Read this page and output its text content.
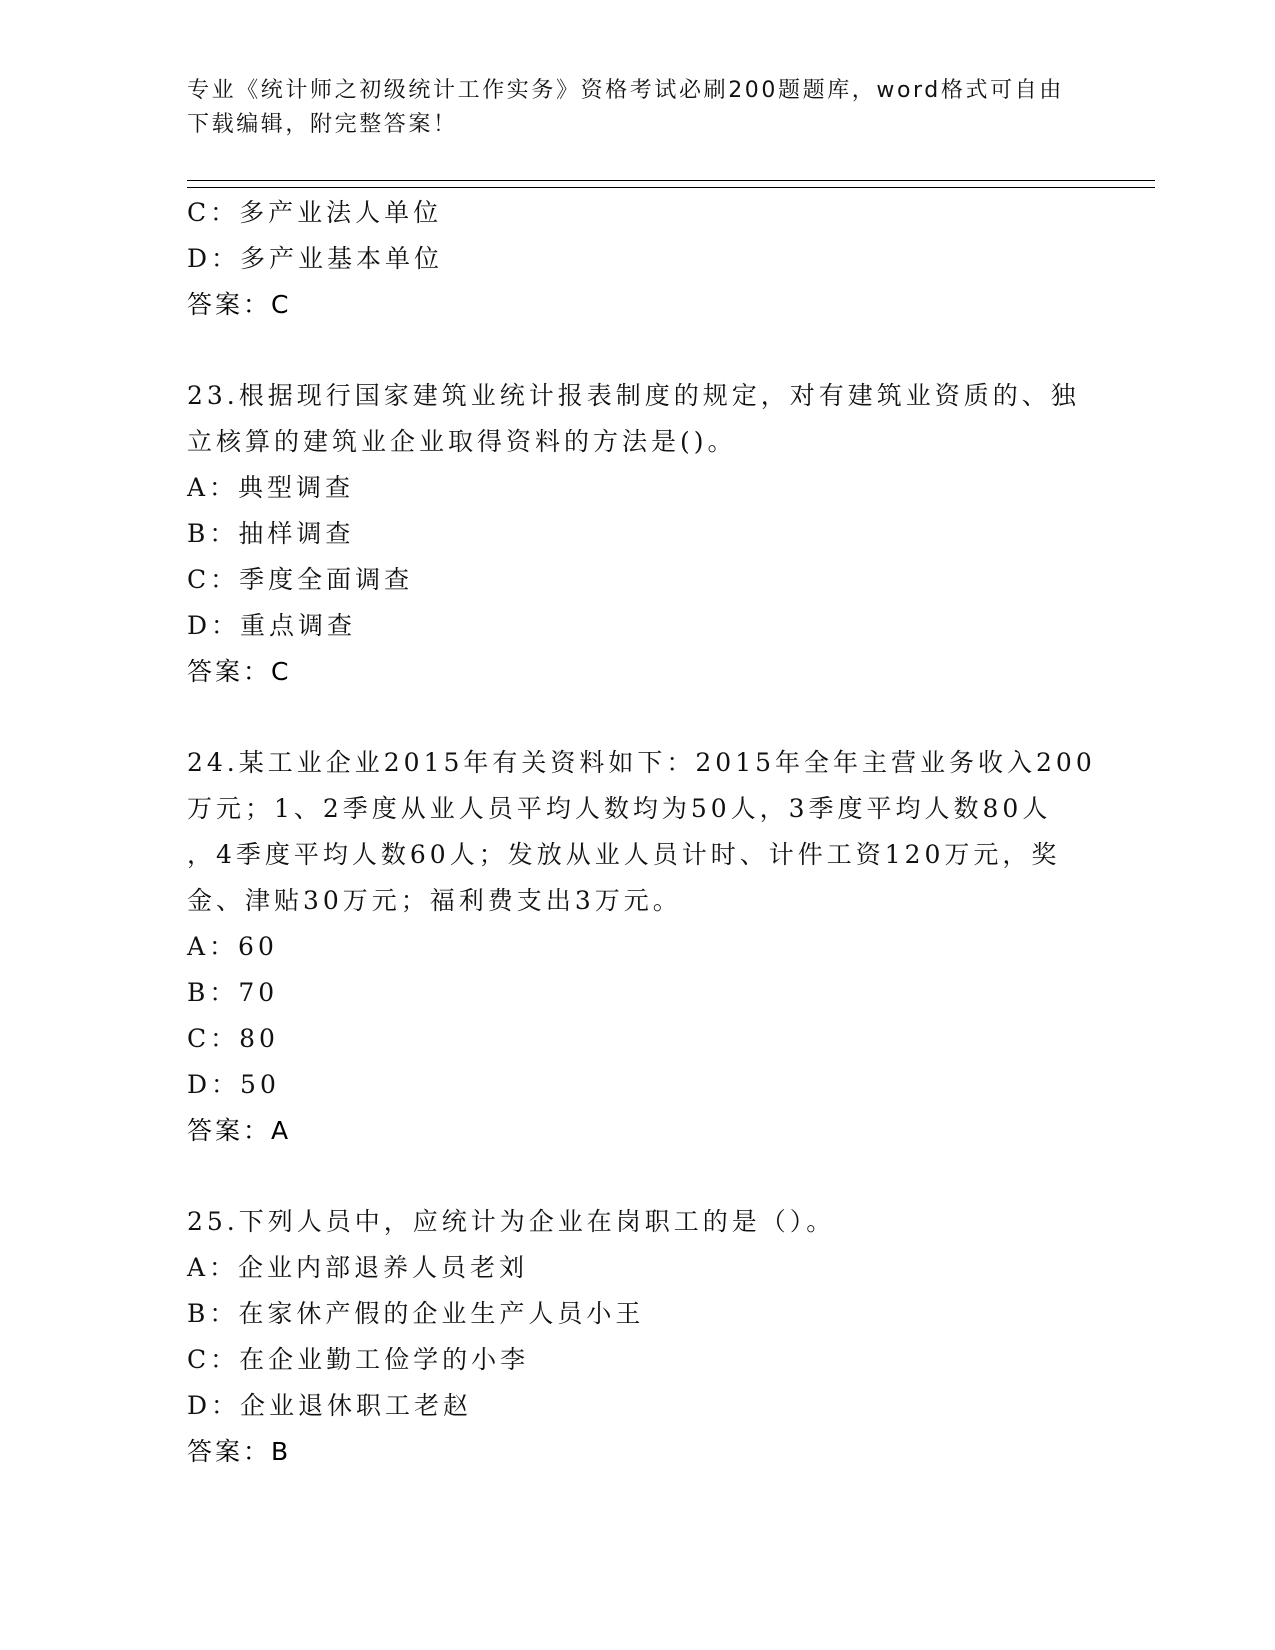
专业《统计师之初级统计工作实务》资格考试必刷200题题库，word格式可自由
下载编辑，附完整答案！
C：多产业法人单位
D：多产业基本单位
答案：C
23.根据现行国家建筑业统计报表制度的规定，对有建筑业资质的、独
立核算的建筑业企业取得资料的方法是()。
A：典型调查
B：抽样调查
C：季度全面调查
D：重点调查
答案：C
24.某工业企业2015年有关资料如下：2015年全年主营业务收入200
万元；1、2季度从业人员平均人数均为50人，3季度平均人数80人
，4季度平均人数60人；发放从业人员计时、计件工资120万元，奖
金、津贴30万元；福利费支出3万元。
A：60
B：70
C：80
D：50
答案：A
25.下列人员中，应统计为企业在岗职工的是（）。
A：企业内部退养人员老刘
B：在家休产假的企业生产人员小王
C：在企业勤工俭学的小李
D：企业退休职工老赵
答案：B
